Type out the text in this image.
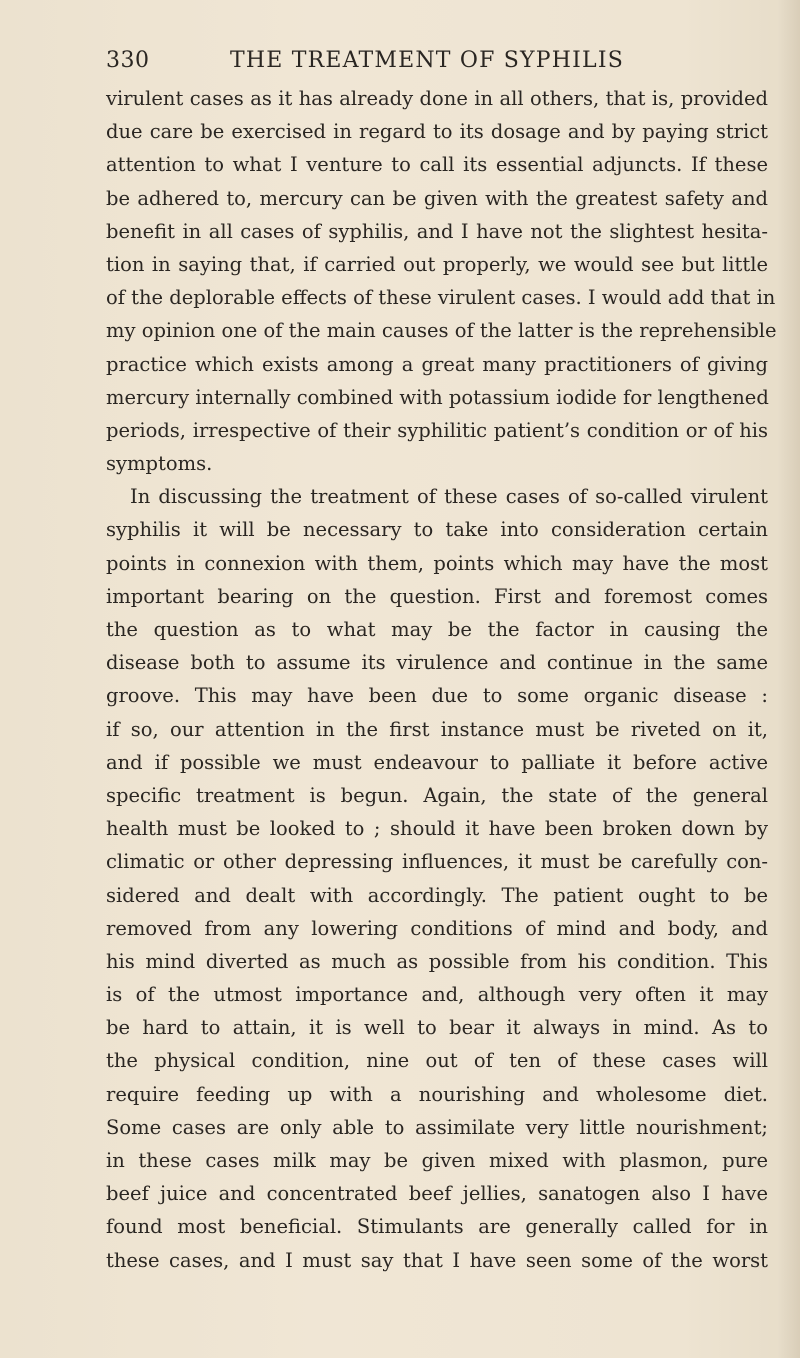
330	THE TREATMENT OF SYPHILIS
virulent cases as it has already done in all others, that is, provided
due care be exercised in regard to its dosage and by paying strict
attention to what I venture to call its essential adjuncts. If these
be adhered to, mercury can be given with the greatest safety and
benefit in all cases of syphilis, and I have not the slightest hesita-
tion in saying that, if carried out properly, we would see but little
of the deplorable effects of these virulent cases. I would add that in
my opinion one of the main causes of the latter is the reprehensible
practice which exists among a great many practitioners of giving
mercury internally combined with potassium iodide for lengthened
periods, irrespective of their syphilitic patient’s condition or of his
symptoms.
In discussing the treatment of these cases of so-called virulent
syphilis it will be necessary to take into consideration certain
points in connexion with them, points which may have the most
important bearing on the question. First and foremost comes
the question as to what may be the factor in causing the
disease both to assume its virulence and continue in the same
groove. This may have been due to some organic disease :
if so, our attention in the first instance must be riveted on it,
and if possible we must endeavour to palliate it before active
specific treatment is begun. Again, the state of the general
health must be looked to ; should it have been broken down by
climatic or other depressing influences, it must be carefully con-
sidered and dealt with accordingly. The patient ought to be
removed from any lowering conditions of mind and body, and
his mind diverted as much as possible from his condition. This
is of the utmost importance and, although very often it may
be hard to attain, it is well to bear it always in mind. As to
the physical condition, nine out of ten of these cases will
require feeding up with a nourishing and wholesome diet.
Some cases are only able to assimilate very little nourishment;
in these cases milk may be given mixed with plasmon, pure
beef juice and concentrated beef jellies, sanatogen also I have
found most beneficial. Stimulants are generally called for in
these cases, and I must say that I have seen some of the worst
